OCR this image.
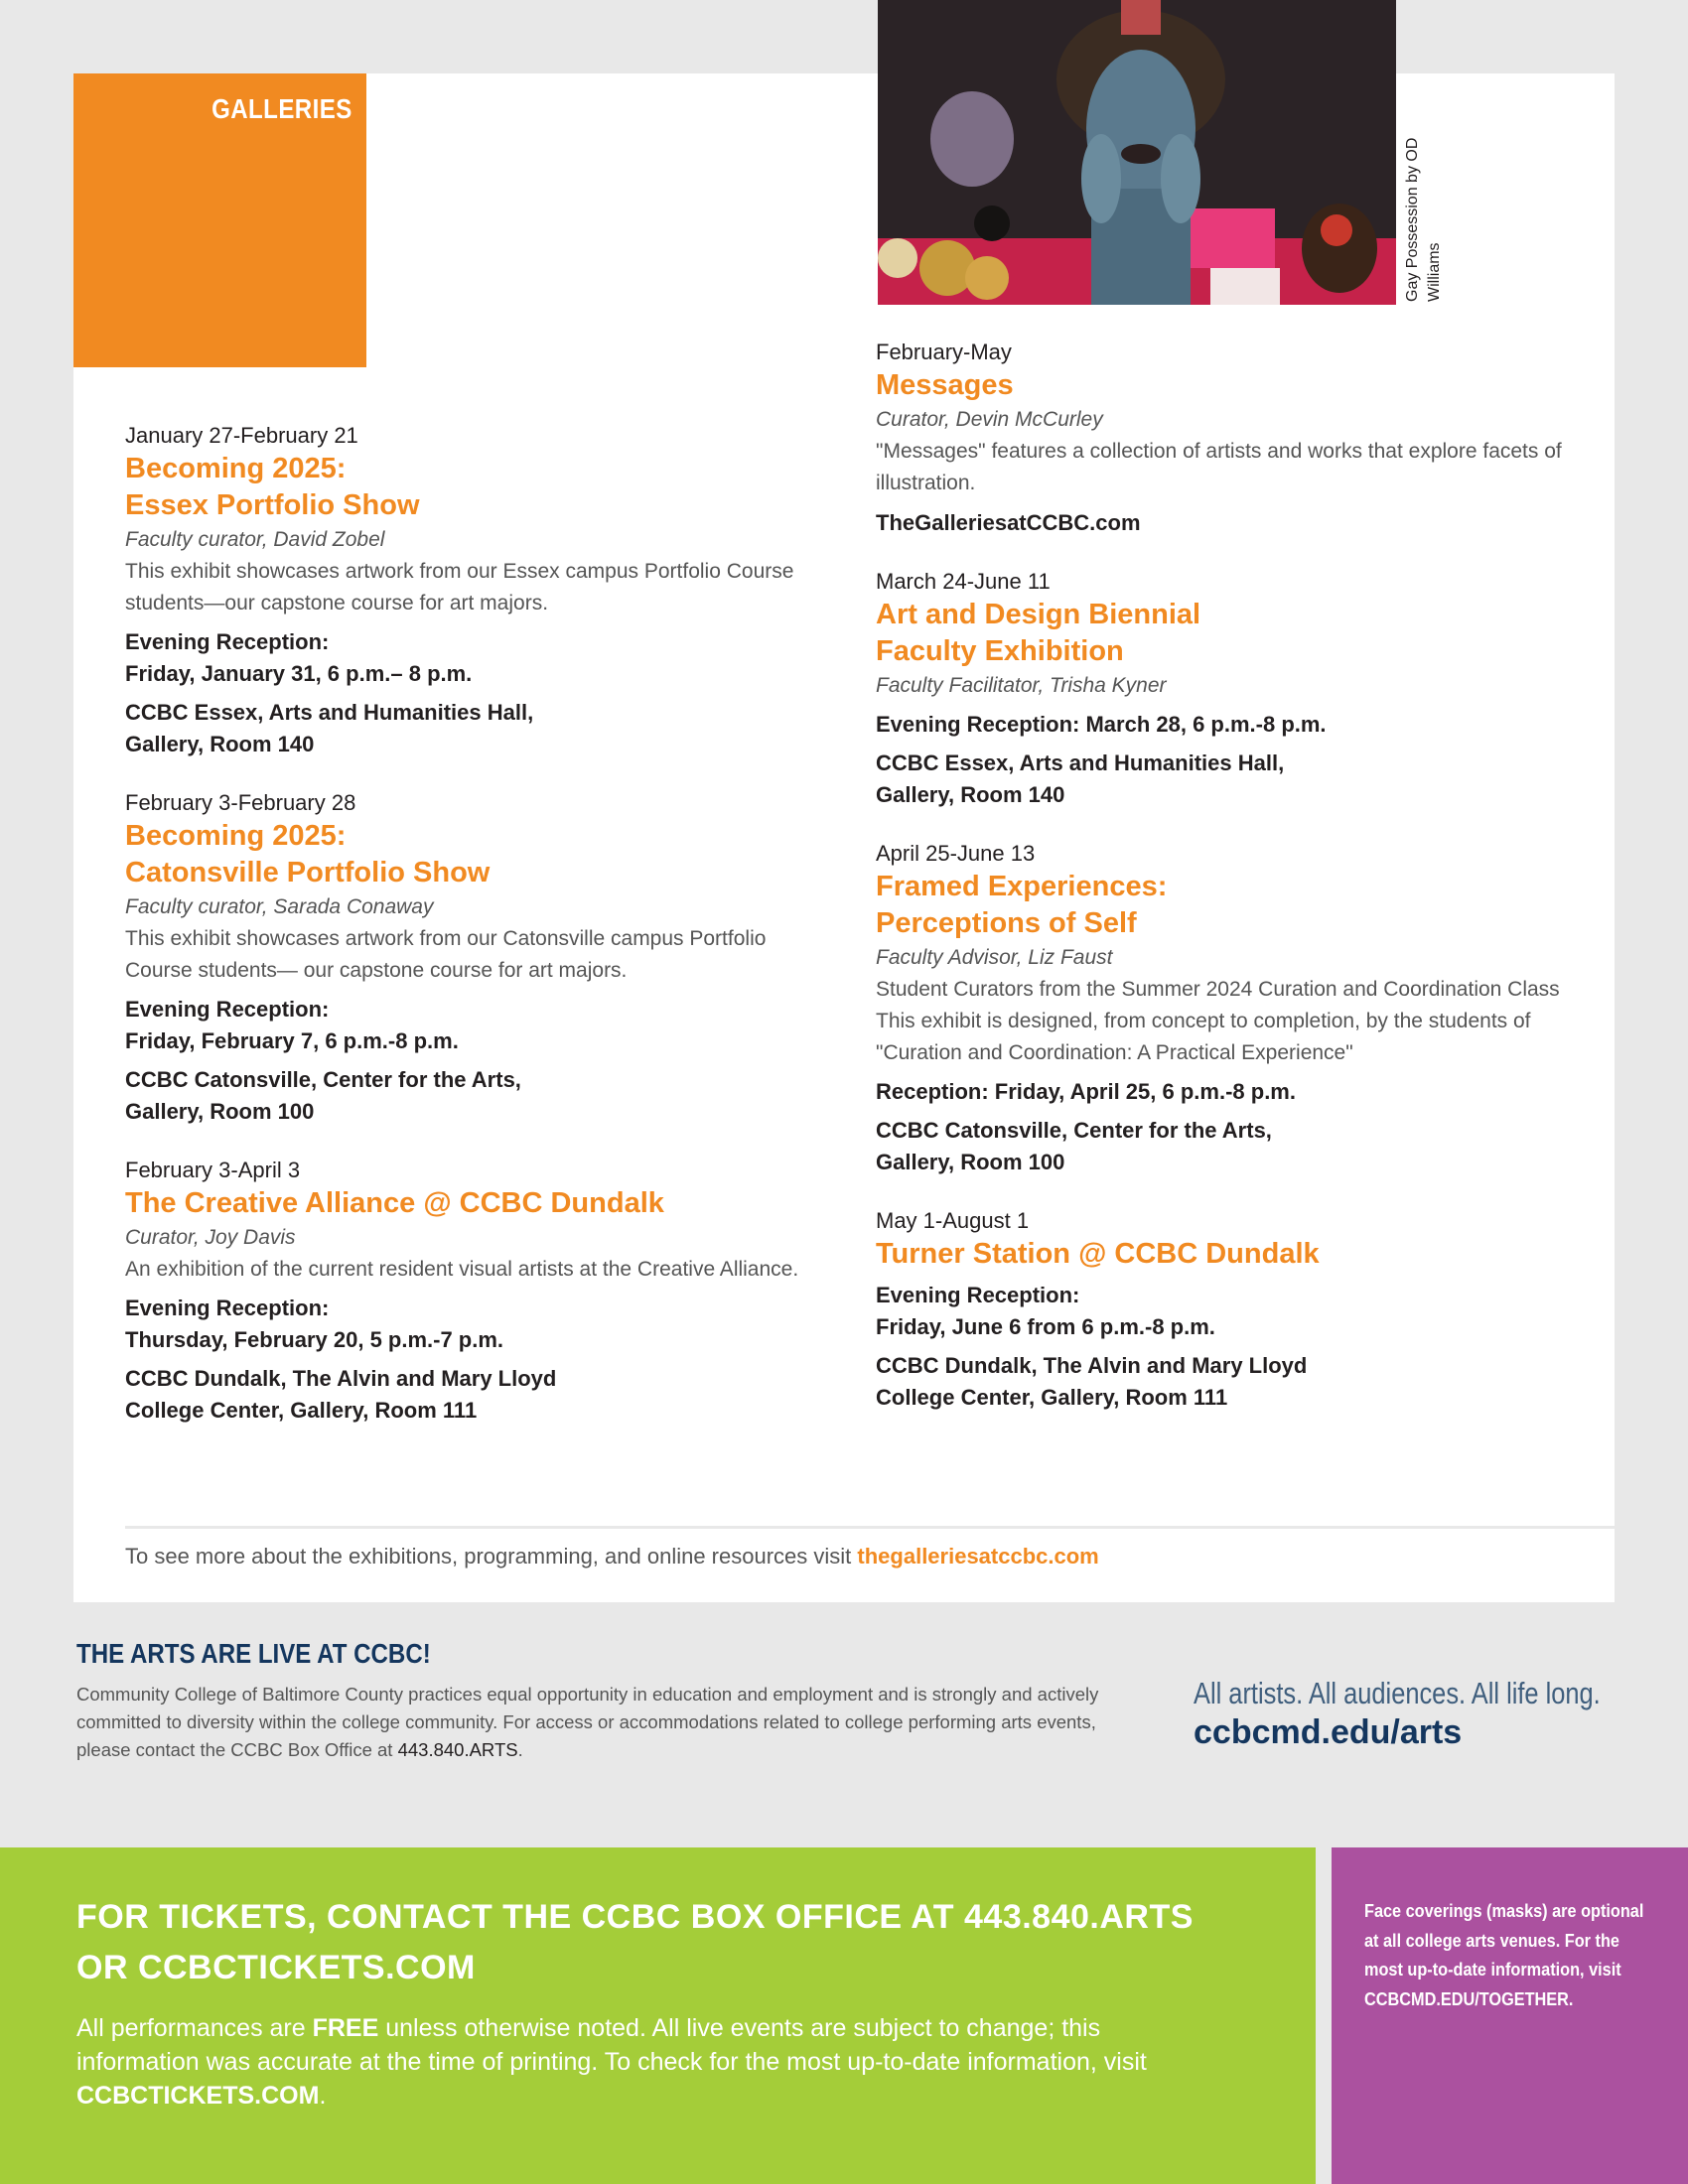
GALLERIES
Gay Possession by OD Williams
January 27-February 21
Becoming 2025:
Essex Portfolio Show
Faculty curator, David Zobel
This exhibit showcases artwork from our Essex campus Portfolio Course students—our capstone course for art majors.
Evening Reception:
Friday, January 31, 6 p.m.– 8 p.m.
CCBC Essex, Arts and Humanities Hall,
Gallery, Room 140
February 3-February 28
Becoming 2025:
Catonsville Portfolio Show
Faculty curator, Sarada Conaway
This exhibit showcases artwork from our Catonsville campus Portfolio Course students— our capstone course for art majors.
Evening Reception:
Friday, February 7, 6 p.m.-8 p.m.
CCBC Catonsville, Center for the Arts,
Gallery, Room 100
February 3-April 3
The Creative Alliance @ CCBC Dundalk
Curator, Joy Davis
An exhibition of the current resident visual artists at the Creative Alliance.
Evening Reception:
Thursday, February 20, 5 p.m.-7 p.m.
CCBC Dundalk, The Alvin and Mary Lloyd
College Center, Gallery, Room 111
February-May
Messages
Curator, Devin McCurley
"Messages" features a collection of artists and works that explore facets of illustration.
TheGalleriesatCCBC.com
March 24-June 11
Art and Design Biennial
Faculty Exhibition
Faculty Facilitator, Trisha Kyner
Evening Reception: March 28, 6 p.m.-8 p.m.
CCBC Essex, Arts and Humanities Hall,
Gallery, Room 140
April 25-June 13
Framed Experiences:
Perceptions of Self
Faculty Advisor, Liz Faust
Student Curators from the Summer 2024 Curation and Coordination Class
This exhibit is designed, from concept to completion, by the students of "Curation and Coordination: A Practical Experience"
Reception: Friday, April 25, 6 p.m.-8 p.m.
CCBC Catonsville, Center for the Arts,
Gallery, Room 100
May 1-August 1
Turner Station @ CCBC Dundalk
Evening Reception:
Friday, June 6 from 6 p.m.-8 p.m.
CCBC Dundalk, The Alvin and Mary Lloyd
College Center, Gallery, Room 111
To see more about the exhibitions, programming, and online resources visit thegalleriesatccbc.com
THE ARTS ARE LIVE AT CCBC!
Community College of Baltimore County practices equal opportunity in education and employment and is strongly and actively committed to diversity within the college community. For access or accommodations related to college performing arts events, please contact the CCBC Box Office at 443.840.ARTS.
All artists. All audiences. All life long.
ccbcmd.edu/arts
FOR TICKETS, CONTACT THE CCBC BOX OFFICE AT 443.840.ARTS
OR CCBCTICKETS.COM
All performances are FREE unless otherwise noted. All live events are subject to change; this information was accurate at the time of printing. To check for the most up-to-date information, visit CCBCTICKETS.COM.
Face coverings (masks) are optional at all college arts venues. For the most up-to-date information, visit CCBCMD.EDU/TOGETHER.
